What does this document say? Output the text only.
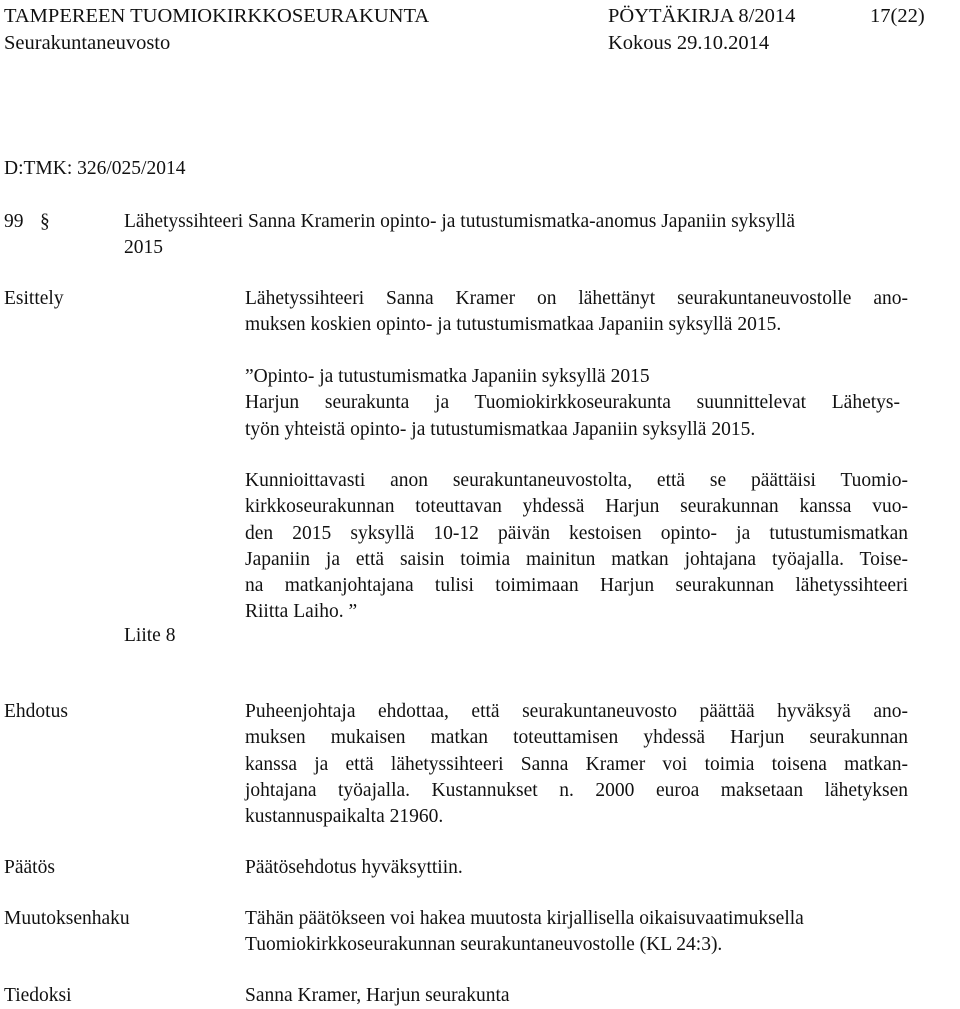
TAMPEREEN TUOMIOKIRKKOSEURAKUNTA	PÖYTÄKIRJA 8/2014	17(22)
Seurakuntaneuvosto	Kokous 29.10.2014
D:TMK: 326/025/2014
99 §	Lähetyssihteeri Sanna Kramerin opinto- ja tutustumismatka-anomus Japaniin syksyllä
2015
Esittely	Lähetyssihteeri Sanna Kramer on lähettänyt seurakuntaneuvostolle ano-
muksen koskien opinto- ja tutustumismatkaa Japaniin syksyllä 2015.
”Opinto- ja tutustumismatka Japaniin syksyllä 2015
Harjun seurakunta ja Tuomiokirkkoseurakunta suunnittelevat Lähetys-
työn yhteistä opinto- ja tutustumismatkaa Japaniin syksyllä 2015.
Kunnioittavasti anon seurakuntaneuvostolta, että se päättäisi Tuomio-
kirkkoseurakunnan toteuttavan yhdessä Harjun seurakunnan kanssa vuo-
den 2015 syksyllä 10-12 päivän kestoisen opinto- ja tutustumismatkan
Japaniin ja että saisin toimia mainitun matkan johtajana työajalla. Toise-
na matkanjohtajana tulisi toimimaan Harjun seurakunnan lähetyssihteeri
Riitta Laiho. ”
Liite 8
Ehdotus	Puheenjohtaja ehdottaa, että seurakuntaneuvosto päättää hyväksyä ano-
muksen mukaisen matkan toteuttamisen yhdessä Harjun seurakunnan
kanssa ja että lähetyssihteeri Sanna Kramer voi toimia toisena matkan-
johtajana työajalla. Kustannukset n. 2000 euroa maksetaan lähetyksen
kustannuspaikalta 21960.
Päätös	Päätösehdotus hyväksyttiin.
Muutoksenhaku	Tähän päätökseen voi hakea muutosta kirjallisella oikaisuvaatimuksella
Tuomiokirkkoseurakunnan seurakuntaneuvostolle (KL 24:3).
Tiedoksi	Sanna Kramer, Harjun seurakunta
